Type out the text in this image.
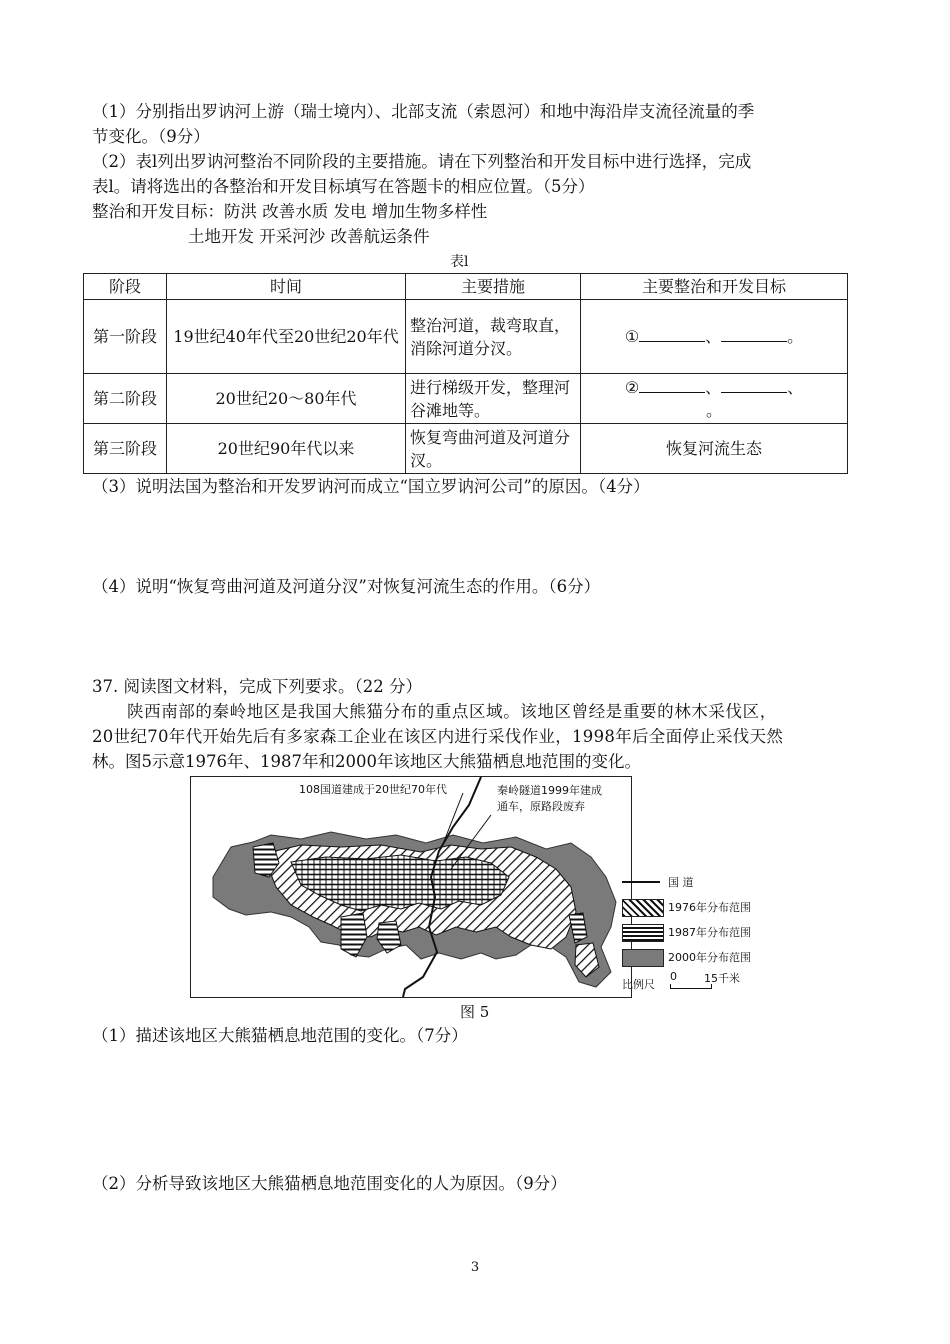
（1）分别指出罗讷河上游（瑞士境内）、北部支流（索恩河）和地中海沿岸支流径流量的季
节变化。（9分）
（2）表l列出罗讷河整治不同阶段的主要措施。请在下列整治和开发目标中进行选择，完成
表l。请将选出的各整治和开发目标填写在答题卡的相应位置。（5分）
整治和开发目标：防洪 改善水质 发电 增加生物多样性
土地开发 开采河沙 改善航运条件
表l
阶段	时间	主要措施	主要整治和开发目标
第一阶段	19世纪40年代至20世纪20年代	整治河道，裁弯取直，消除河道分汊。	① 、 。
第二阶段	20世纪20～80年代	进行梯级开发，整理河谷滩地等。	② 、 、
。
第三阶段	20世纪90年代以来	恢复弯曲河道及河道分汊。	恢复河流生态
（3）说明法国为整治和开发罗讷河而成立“国立罗讷河公司”的原因。（4分）
（4）说明“恢复弯曲河道及河道分汊”对恢复河流生态的作用。（6分）
37. 阅读图文材料，完成下列要求。（22 分）
陕西南部的秦岭地区是我国大熊猫分布的重点区域。该地区曾经是重要的林木采伐区，
20世纪70年代开始先后有多家森工企业在该区内进行采伐作业，1998年后全面停止采伐天然
林。图5示意1976年、1987年和2000年该地区大熊猫栖息地范围的变化。
108国道建成于20世纪70年代	秦岭隧道1999年建成
通车，原路段废弃
国 道
1976年分布范围
1987年分布范围
2000年分布范围
比例尺
0 15千米
图 5
（1）描述该地区大熊猫栖息地范围的变化。（7分）
（2）分析导致该地区大熊猫栖息地范围变化的人为原因。（9分）
3
